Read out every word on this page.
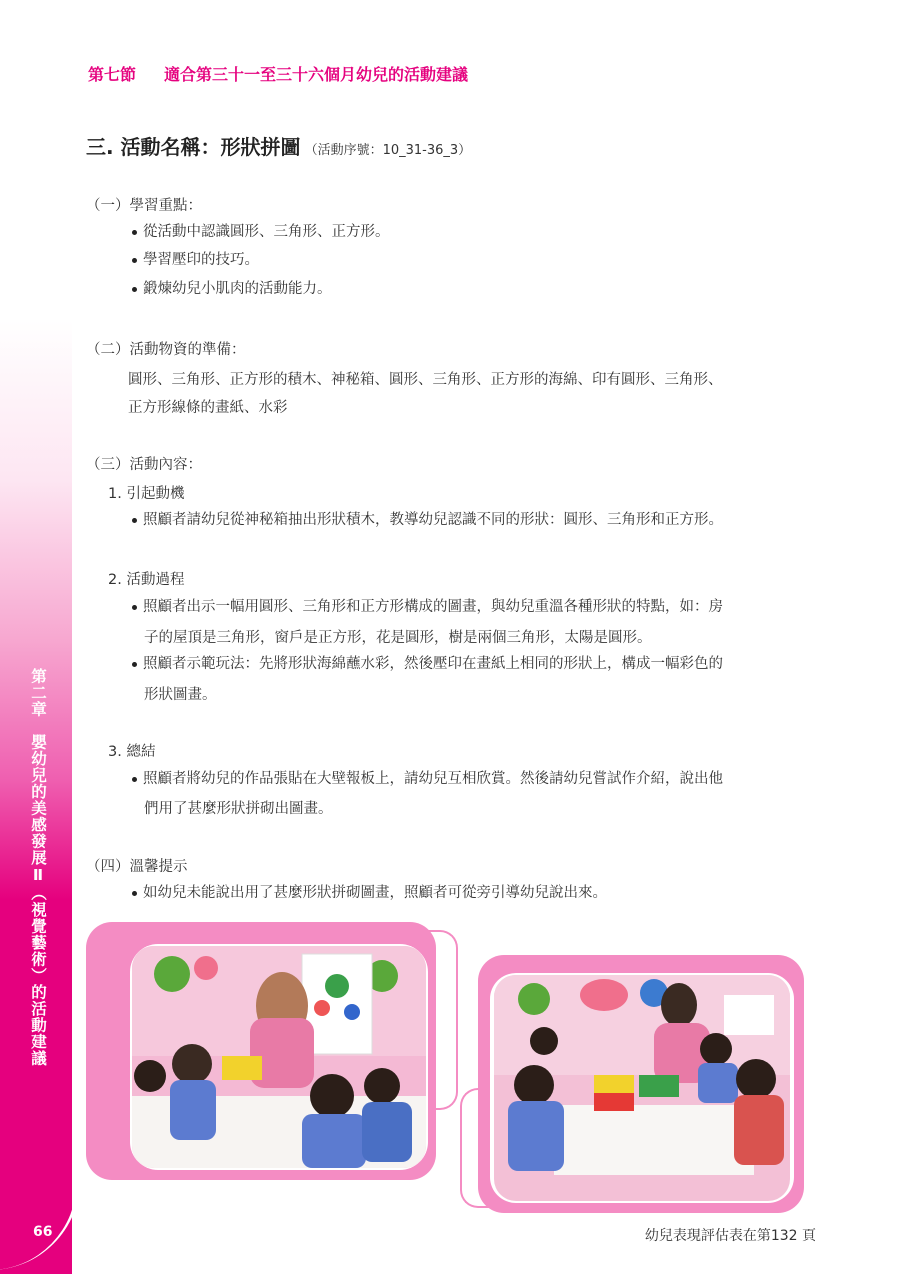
第二章　嬰幼兒的美感發展Ⅱ（視覺藝術）的活動建議
66
第七節 適合第三十一至三十六個月幼兒的活動建議
三. 活動名稱：形狀拼圖 （活動序號：10_31-36_3）
（一）學習重點：
從活動中認識圓形、三角形、正方形。
學習壓印的技巧。
鍛煉幼兒小肌肉的活動能力。
（二）活動物資的準備：
圓形、三角形、正方形的積木、神秘箱、圓形、三角形、正方形的海綿、印有圓形、三角形、
正方形線條的畫紙、水彩
（三）活動內容：
1. 引起動機
照顧者請幼兒從神秘箱抽出形狀積木，教導幼兒認識不同的形狀：圓形、三角形和正方形。
2. 活動過程
照顧者出示一幅用圓形、三角形和正方形構成的圖畫，與幼兒重溫各種形狀的特點，如：房
子的屋頂是三角形，窗戶是正方形，花是圓形，樹是兩個三角形，太陽是圓形。
照顧者示範玩法：先將形狀海綿蘸水彩，然後壓印在畫紙上相同的形狀上，構成一幅彩色的
形狀圖畫。
3. 總結
照顧者將幼兒的作品張貼在大壁報板上，請幼兒互相欣賞。然後請幼兒嘗試作介紹，說出他
們用了甚麼形狀拼砌出圖畫。
（四）溫馨提示
如幼兒未能說出用了甚麼形狀拼砌圖畫，照顧者可從旁引導幼兒說出來。
幼兒表現評估表在第132 頁
